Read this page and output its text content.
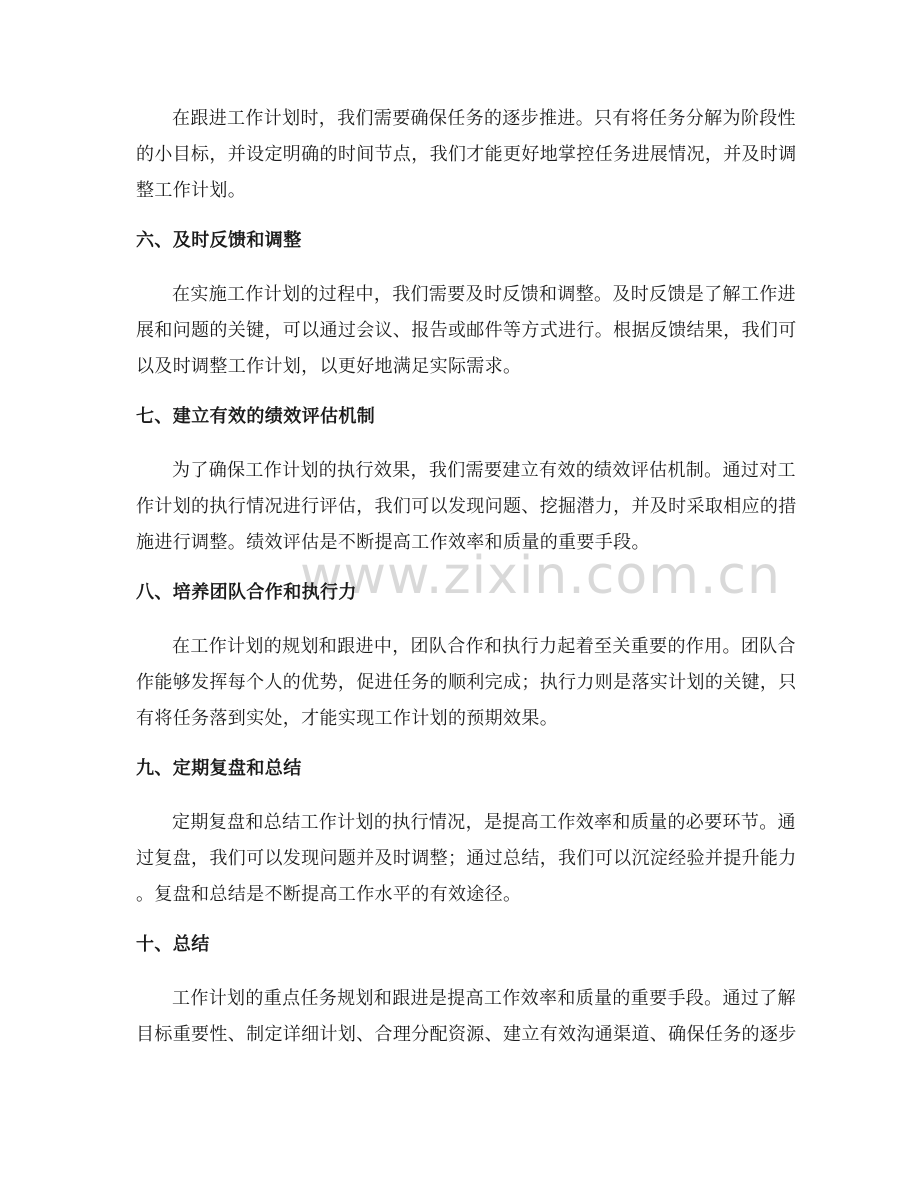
www.zixin.com.cn
在跟进工作计划时，我们需要确保任务的逐步推进。只有将任务分解为阶段性
的小目标，并设定明确的时间节点，我们才能更好地掌控任务进展情况，并及时调
整工作计划。
六、及时反馈和调整
在实施工作计划的过程中，我们需要及时反馈和调整。及时反馈是了解工作进
展和问题的关键，可以通过会议、报告或邮件等方式进行。根据反馈结果，我们可
以及时调整工作计划，以更好地满足实际需求。
七、建立有效的绩效评估机制
为了确保工作计划的执行效果，我们需要建立有效的绩效评估机制。通过对工
作计划的执行情况进行评估，我们可以发现问题、挖掘潜力，并及时采取相应的措
施进行调整。绩效评估是不断提高工作效率和质量的重要手段。
八、培养团队合作和执行力
在工作计划的规划和跟进中，团队合作和执行力起着至关重要的作用。团队合
作能够发挥每个人的优势，促进任务的顺利完成；执行力则是落实计划的关键，只
有将任务落到实处，才能实现工作计划的预期效果。
九、定期复盘和总结
定期复盘和总结工作计划的执行情况，是提高工作效率和质量的必要环节。通
过复盘，我们可以发现问题并及时调整；通过总结，我们可以沉淀经验并提升能力
。复盘和总结是不断提高工作水平的有效途径。
十、总结
工作计划的重点任务规划和跟进是提高工作效率和质量的重要手段。通过了解
目标重要性、制定详细计划、合理分配资源、建立有效沟通渠道、确保任务的逐步
